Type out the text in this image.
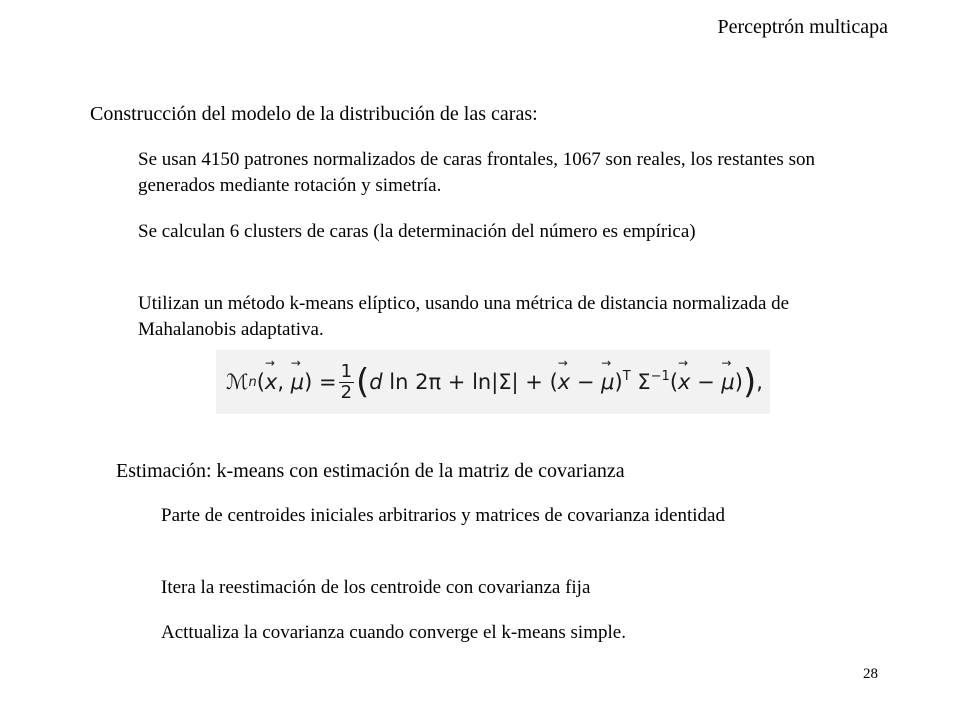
Perceptrón multicapa
Construcción del modelo de la distribución de las caras:
Se usan 4150 patrones normalizados de caras frontales, 1067 son reales, los restantes son generados mediante rotación y simetría.
Se calculan 6 clusters de caras (la determinación del número es empírica)
Utilizan un método k-means elíptico, usando una métrica de distancia normalizada de Mahalanobis adaptativa.
ℳ n (→ x, → $\mu) = \frac{1}{2}$ ( d ln 2π + ln|Σ| + (→ x − → μ)$^T$ $\Sigma^{-1}$ (→ x − → μ) ) ,
Estimación: k-means con estimación de la matriz de covarianza
Parte de centroides iniciales arbitrarios y matrices de covarianza identidad
Itera la reestimación de los centroide con covarianza fija
Acttualiza la covarianza cuando converge el k-means simple.
28
